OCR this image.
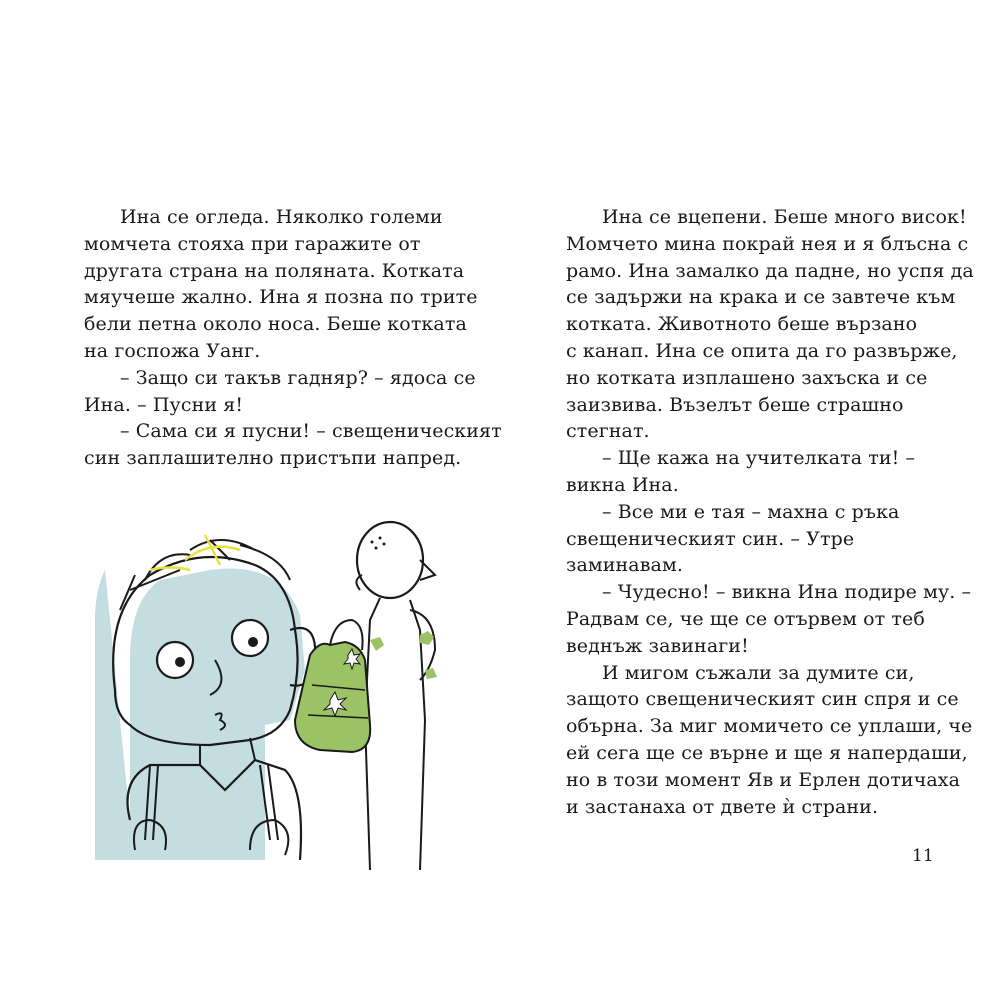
Ина се огледа. Няколко големи

момчета стояха при гаражите от

другата страна на поляната. Котката

мяучеше жално. Ина я позна по трите

бели петна около носа. Беше котката

на госпожа Уанг.

– Защо си такъв гадняр? – ядоса се

Ина. – Пусни я!

– Сама си я пусни! – свещеническият

син заплашително пристъпи напред.

Ина се вцепени. Беше много висок!

Момчето мина покрай нея и я блъсна с

рамо. Ина замалко да падне, но успя да

се задържи на крака и се завтече към

котката. Животното беше вързано

с канап. Ина се опита да го развърже,

но котката изплашено захъска и се

заизвива. Възелът беше страшно

стегнат.

– Ще кажа на учителката ти! –

викна Ина.

– Все ми е тая – махна с ръка

свещеническият син. – Утре

заминавам.

– Чудесно! – викна Ина подире му. –

Радвам се, че ще се отървем от теб

веднъж завинаги!

И мигом съжали за думите си,

защото свещеническият син спря и се

обърна. За миг момичето се уплаши, че

ей сега ще се върне и ще я напердаши,

но в този момент Яв и Ерлен дотичаха

и застанаха от двете ѝ страни.

11
